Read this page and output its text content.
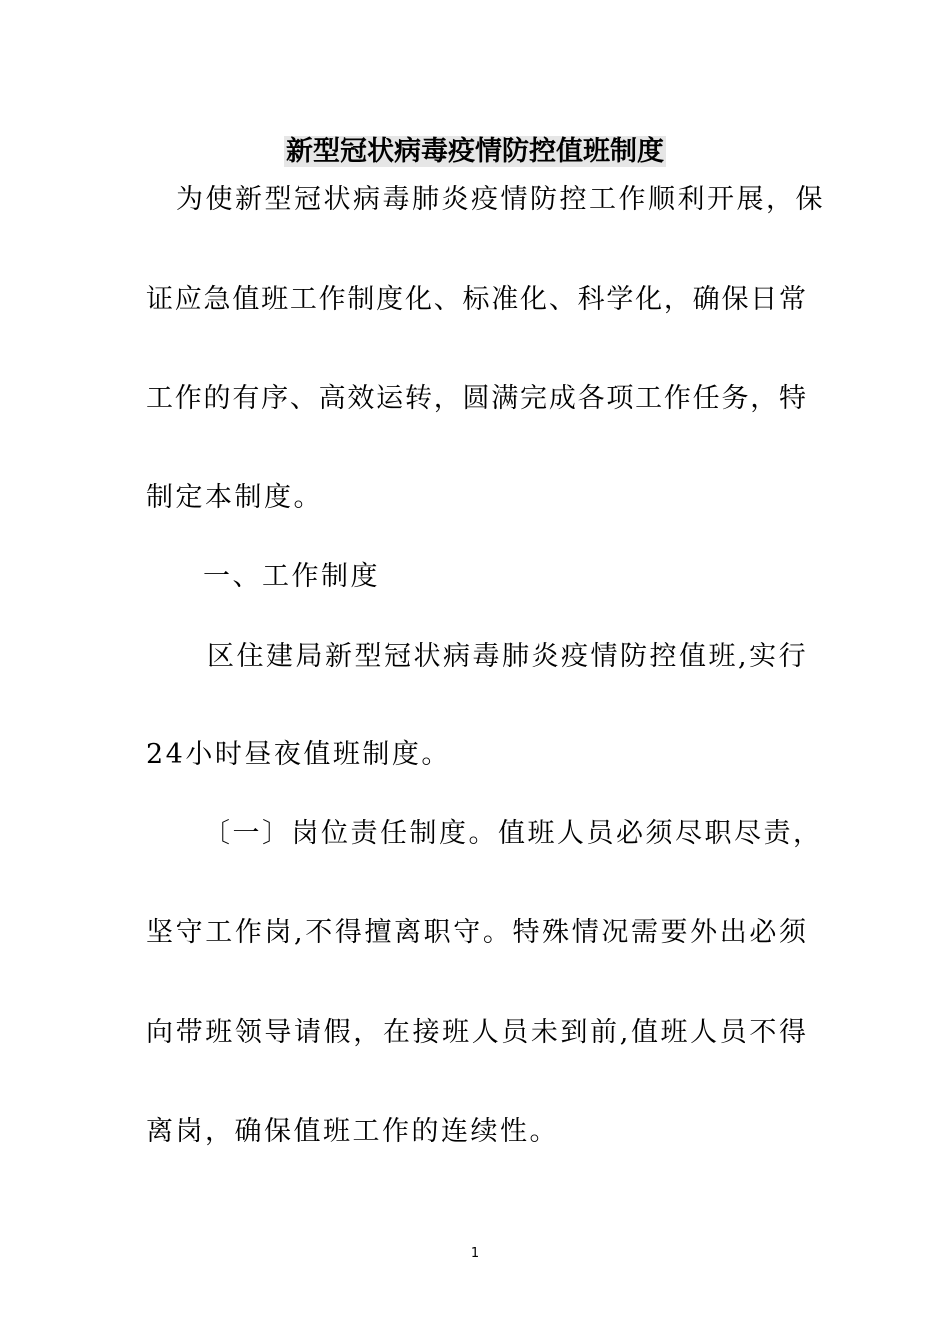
新型冠状病毒疫情防控值班制度
为使新型冠状病毒肺炎疫情防控工作顺利开展，保
证应急值班工作制度化、标准化、科学化，确保日常
工作的有序、高效运转，圆满完成各项工作任务，特
制定本制度。
一、工作制度
区住建局新型冠状病毒肺炎疫情防控值班,实行
24小时昼夜值班制度。
〔一〕岗位责任制度。值班人员必须尽职尽责，
坚守工作岗,不得擅离职守。特殊情况需要外出必须
向带班领导请假，在接班人员未到前,值班人员不得
离岗，确保值班工作的连续性。
1
